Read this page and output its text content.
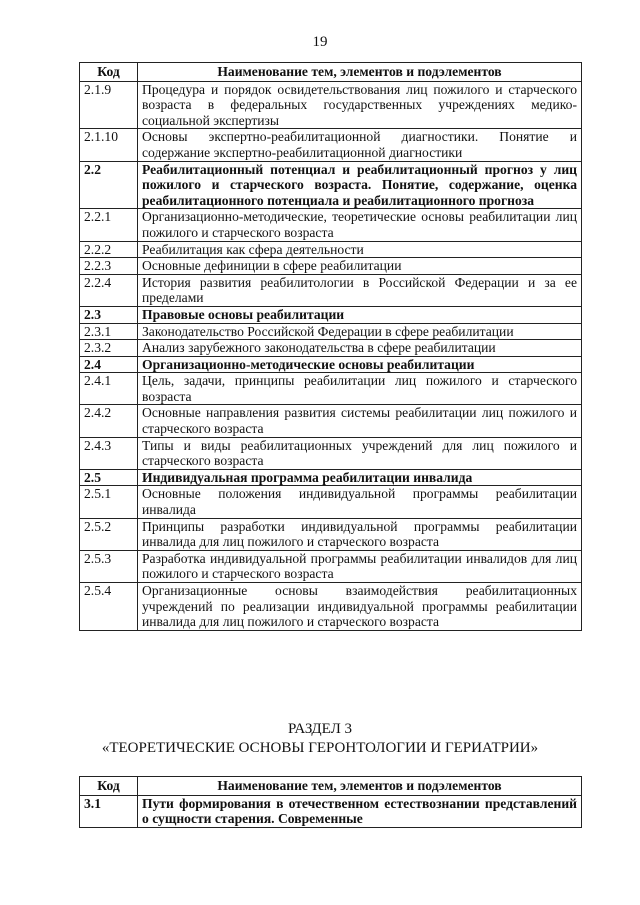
19
Код	Наименование тем, элементов и подэлементов
2.1.9	Процедура и порядок освидетельствования лиц пожилого и старческого возраста в федеральных государственных учреждениях медико-социальной экспертизы
2.1.10	Основы экспертно-реабилитационной диагностики. Понятие и содержание экспертно-реабилитационной диагностики
2.2	Реабилитационный потенциал и реабилитационный прогноз у лиц пожилого и старческого возраста. Понятие, содержание, оценка реабилитационного потенциала и реабилитационного прогноза
2.2.1	Организационно-методические, теоретические основы реабилитации лиц пожилого и старческого возраста
2.2.2	Реабилитация как сфера деятельности
2.2.3	Основные дефиниции в сфере реабилитации
2.2.4	История развития реабилитологии в Российской Федерации и за ее пределами
2.3	Правовые основы реабилитации
2.3.1	Законодательство Российской Федерации в сфере реабилитации
2.3.2	Анализ зарубежного законодательства в сфере реабилитации
2.4	Организационно-методические основы реабилитации
2.4.1	Цель, задачи, принципы реабилитации лиц пожилого и старческого возраста
2.4.2	Основные направления развития системы реабилитации лиц пожилого и старческого возраста
2.4.3	Типы и виды реабилитационных учреждений для лиц пожилого и старческого возраста
2.5	Индивидуальная программа реабилитации инвалида
2.5.1	Основные положения индивидуальной программы реабилитации инвалида
2.5.2	Принципы разработки индивидуальной программы реабилитации инвалида для лиц пожилого и старческого возраста
2.5.3	Разработка индивидуальной программы реабилитации инвалидов для лиц пожилого и старческого возраста
2.5.4	Организационные основы взаимодействия реабилитационных учреждений по реализации индивидуальной программы реабилитации инвалида для лиц пожилого и старческого возраста
РАЗДЕЛ 3
«ТЕОРЕТИЧЕСКИЕ ОСНОВЫ ГЕРОНТОЛОГИИ И ГЕРИАТРИИ»
Код	Наименование тем, элементов и подэлементов
3.1	Пути формирования в отечественном естествознании представлений о сущности старения. Современные
